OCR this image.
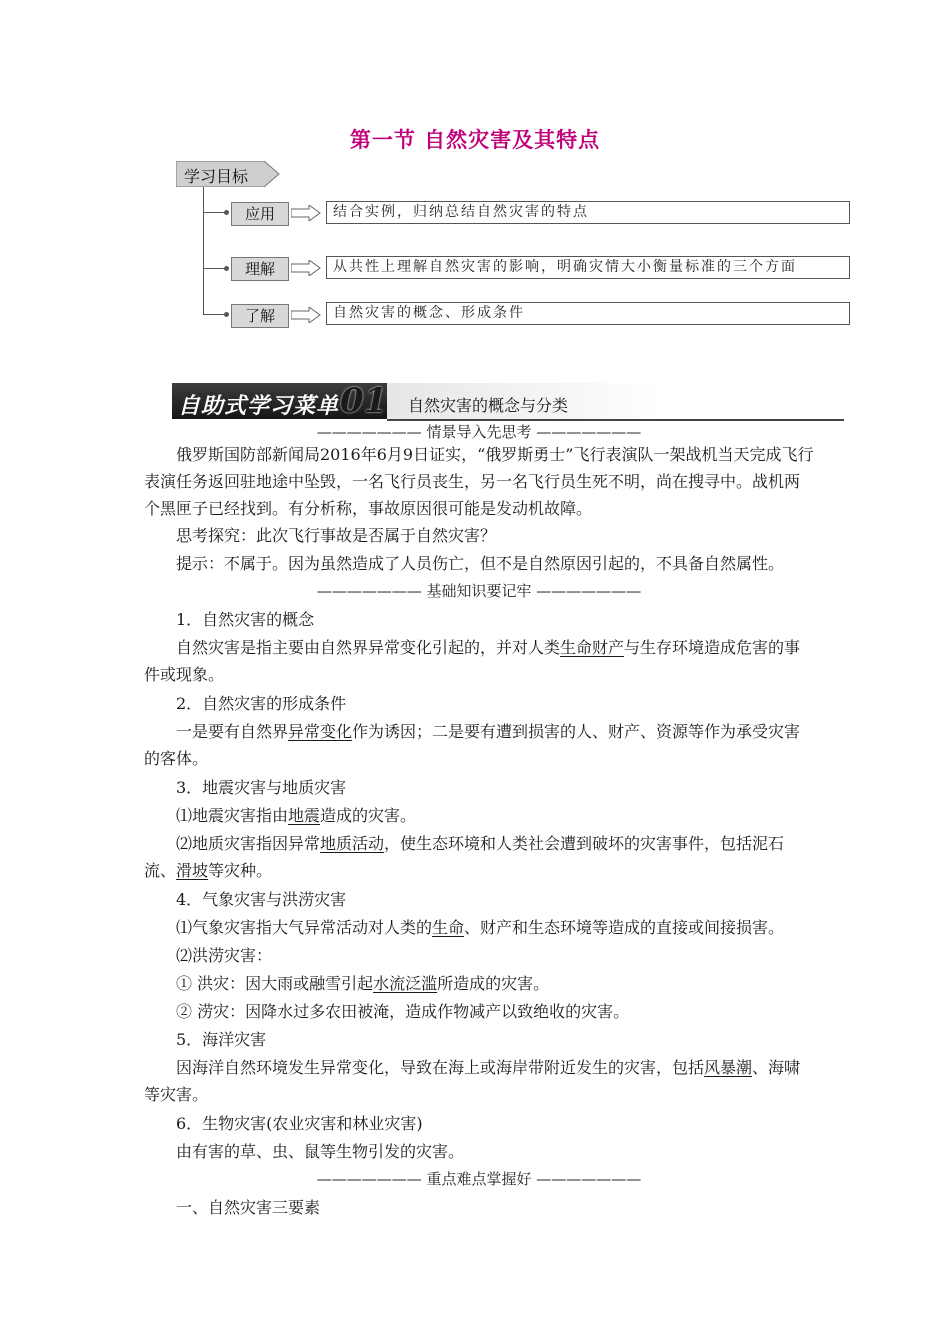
第一节 自然灾害及其特点
学习目标
应用	结合实例，归纳总结自然灾害的特点
理解	从共性上理解自然灾害的影响，明确灾情大小衡量标准的三个方面
了解	自然灾害的概念、形成条件
自助式学习菜单 01 自然灾害的概念与分类
——————— 情景导入先思考 ———————
俄罗斯国防部新闻局2016年6月9日证实，“俄罗斯勇士”飞行表演队一架战机当天完成飞行表演任务返回驻地途中坠毁，一名飞行员丧生，另一名飞行员生死不明，尚在搜寻中。战机两个黑匣子已经找到。有分析称，事故原因很可能是发动机故障。
思考探究：此次飞行事故是否属于自然灾害？
提示：不属于。因为虽然造成了人员伤亡，但不是自然原因引起的，不具备自然属性。
——————— 基础知识要记牢 ———————
1．自然灾害的概念
自然灾害是指主要由自然界异常变化引起的，并对人类生命财产与生存环境造成危害的事件或现象。
2．自然灾害的形成条件
一是要有自然界异常变化作为诱因；二是要有遭到损害的人、财产、资源等作为承受灾害的客体。
3．地震灾害与地质灾害
⑴地震灾害指由地震造成的灾害。
⑵地质灾害指因异常地质活动，使生态环境和人类社会遭到破坏的灾害事件，包括泥石流、滑坡等灾种。
4．气象灾害与洪涝灾害
⑴气象灾害指大气异常活动对人类的生命、财产和生态环境等造成的直接或间接损害。
⑵洪涝灾害：
① 洪灾：因大雨或融雪引起水流泛滥所造成的灾害。
② 涝灾：因降水过多农田被淹，造成作物减产以致绝收的灾害。
5．海洋灾害
因海洋自然环境发生异常变化，导致在海上或海岸带附近发生的灾害，包括风暴潮、海啸等灾害。
6．生物灾害(农业灾害和林业灾害)
由有害的草、虫、鼠等生物引发的灾害。
——————— 重点难点掌握好 ———————
一、自然灾害三要素
